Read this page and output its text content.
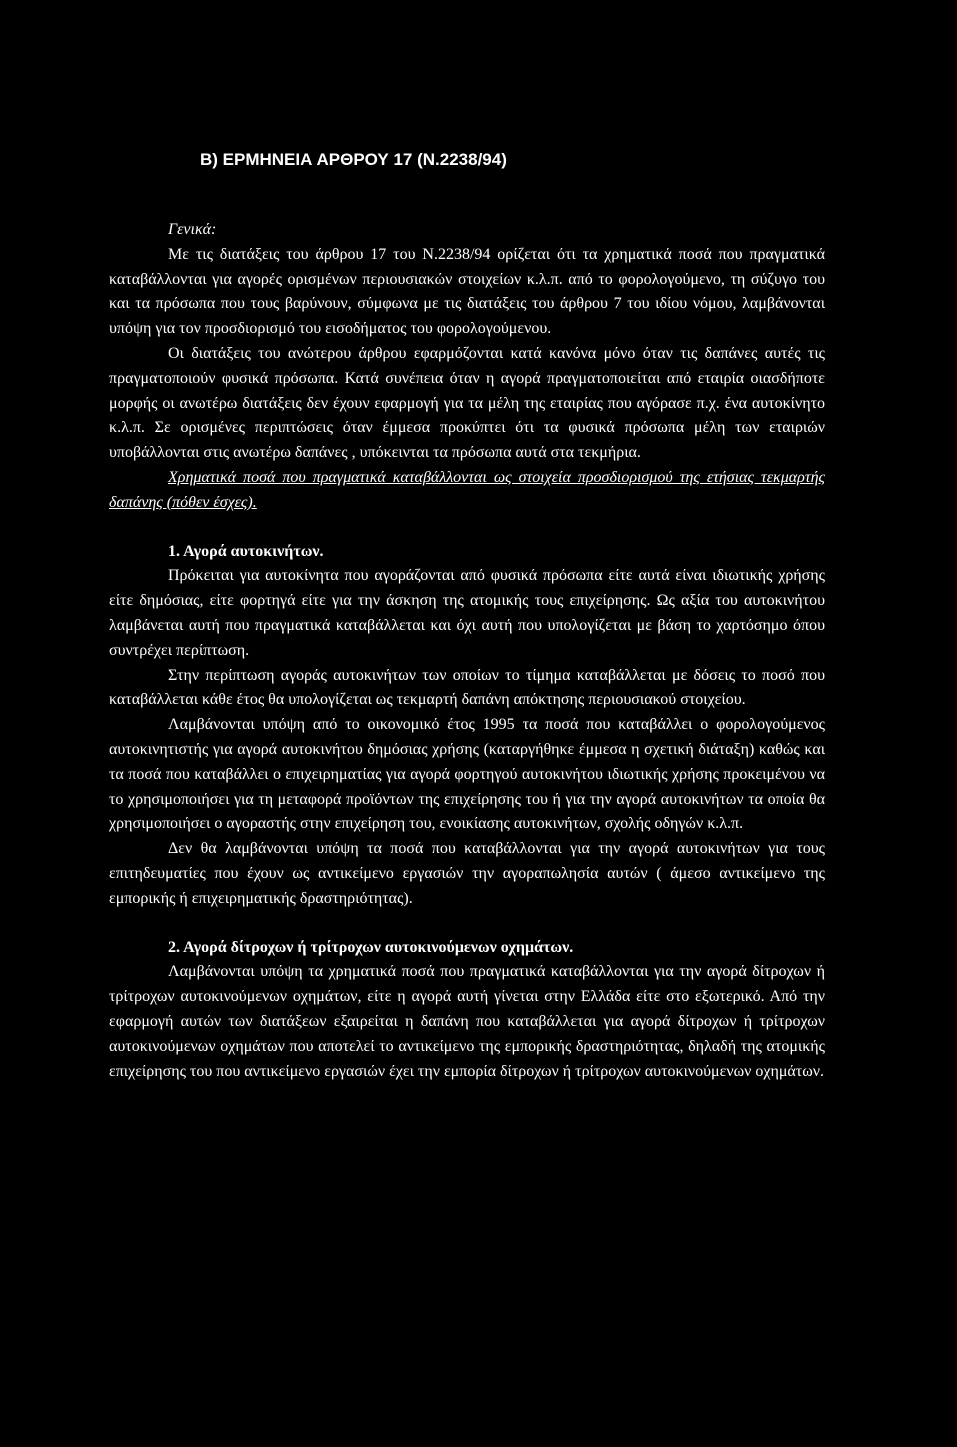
Β) ΕΡΜΗΝΕΙΑ ΑΡΘΡΟΥ 17 (Ν.2238/94)

Γενικά:

Με τις διατάξεις του άρθρου 17 του Ν.2238/94 ορίζεται ότι τα χρηματικά ποσά που πραγματικά καταβάλλονται για αγορές ορισμένων περιουσιακών στοιχείων κ.λ.π. από το φορολογούμενο, τη σύζυγο του και τα πρόσωπα που τους βαρύνουν, σύμφωνα με τις διατάξεις του άρθρου 7 του ιδίου νόμου, λαμβάνονται υπόψη για τον προσδιορισμό του εισοδήματος του φορολογούμενου.

Οι διατάξεις του ανώτερου άρθρου εφαρμόζονται κατά κανόνα μόνο όταν τις δαπάνες αυτές τις πραγματοποιούν φυσικά πρόσωπα. Κατά συνέπεια όταν η αγορά πραγματοποιείται από εταιρία οιασδήποτε μορφής οι ανωτέρω διατάξεις δεν έχουν εφαρμογή για τα μέλη της εταιρίας που αγόρασε π.χ. ένα αυτοκίνητο κ.λ.π. Σε ορισμένες περιπτώσεις όταν έμμεσα προκύπτει ότι τα φυσικά πρόσωπα μέλη των εταιριών υποβάλλονται στις ανωτέρω δαπάνες , υπόκεινται τα πρόσωπα αυτά στα τεκμήρια.

Χρηματικά ποσά που πραγματικά καταβάλλονται ως στοιχεία προσδιορισμού της ετήσιας τεκμαρτής δαπάνης (πόθεν έσχες).

1. Αγορά αυτοκινήτων.

Πρόκειται για αυτοκίνητα που αγοράζονται από φυσικά πρόσωπα είτε αυτά είναι ιδιωτικής χρήσης είτε δημόσιας, είτε φορτηγά είτε για την άσκηση της ατομικής τους επιχείρησης. Ως αξία του αυτοκινήτου λαμβάνεται αυτή που πραγματικά καταβάλλεται και όχι αυτή που υπολογίζεται με βάση το χαρτόσημο όπου συντρέχει περίπτωση.

Στην περίπτωση αγοράς αυτοκινήτων των οποίων το τίμημα καταβάλλεται με δόσεις το ποσό που καταβάλλεται κάθε έτος θα υπολογίζεται ως τεκμαρτή δαπάνη απόκτησης περιουσιακού στοιχείου.

Λαμβάνονται υπόψη από το οικονομικό έτος 1995 τα ποσά που καταβάλλει ο φορολογούμενος αυτοκινητιστής για αγορά αυτοκινήτου δημόσιας χρήσης (καταργήθηκε έμμεσα η σχετική διάταξη) καθώς και τα ποσά που καταβάλλει ο επιχειρηματίας για αγορά φορτηγού αυτοκινήτου ιδιωτικής χρήσης προκειμένου να το χρησιμοποιήσει για τη μεταφορά προϊόντων της επιχείρησης του ή για την αγορά αυτοκινήτων τα οποία θα χρησιμοποιήσει ο αγοραστής στην επιχείρηση του, ενοικίασης αυτοκινήτων, σχολής οδηγών κ.λ.π.

Δεν θα λαμβάνονται υπόψη τα ποσά που καταβάλλονται για την αγορά αυτοκινήτων για τους επιτηδευματίες που έχουν ως αντικείμενο εργασιών την αγοραπωλησία αυτών ( άμεσο αντικείμενο της εμπορικής ή επιχειρηματικής δραστηριότητας).

2. Αγορά δίτροχων ή τρίτροχων αυτοκινούμενων οχημάτων.

Λαμβάνονται υπόψη τα χρηματικά ποσά που πραγματικά καταβάλλονται για την αγορά δίτροχων ή τρίτροχων αυτοκινούμενων οχημάτων, είτε η αγορά αυτή γίνεται στην Ελλάδα είτε στο εξωτερικό. Από την εφαρμογή αυτών των διατάξεων εξαιρείται η δαπάνη που καταβάλλεται για αγορά δίτροχων ή τρίτροχων αυτοκινούμενων οχημάτων που αποτελεί το αντικείμενο της εμπορικής δραστηριότητας, δηλαδή της ατομικής επιχείρησης του που αντικείμενο εργασιών έχει την εμπορία δίτροχων ή τρίτροχων αυτοκινούμενων οχημάτων.
